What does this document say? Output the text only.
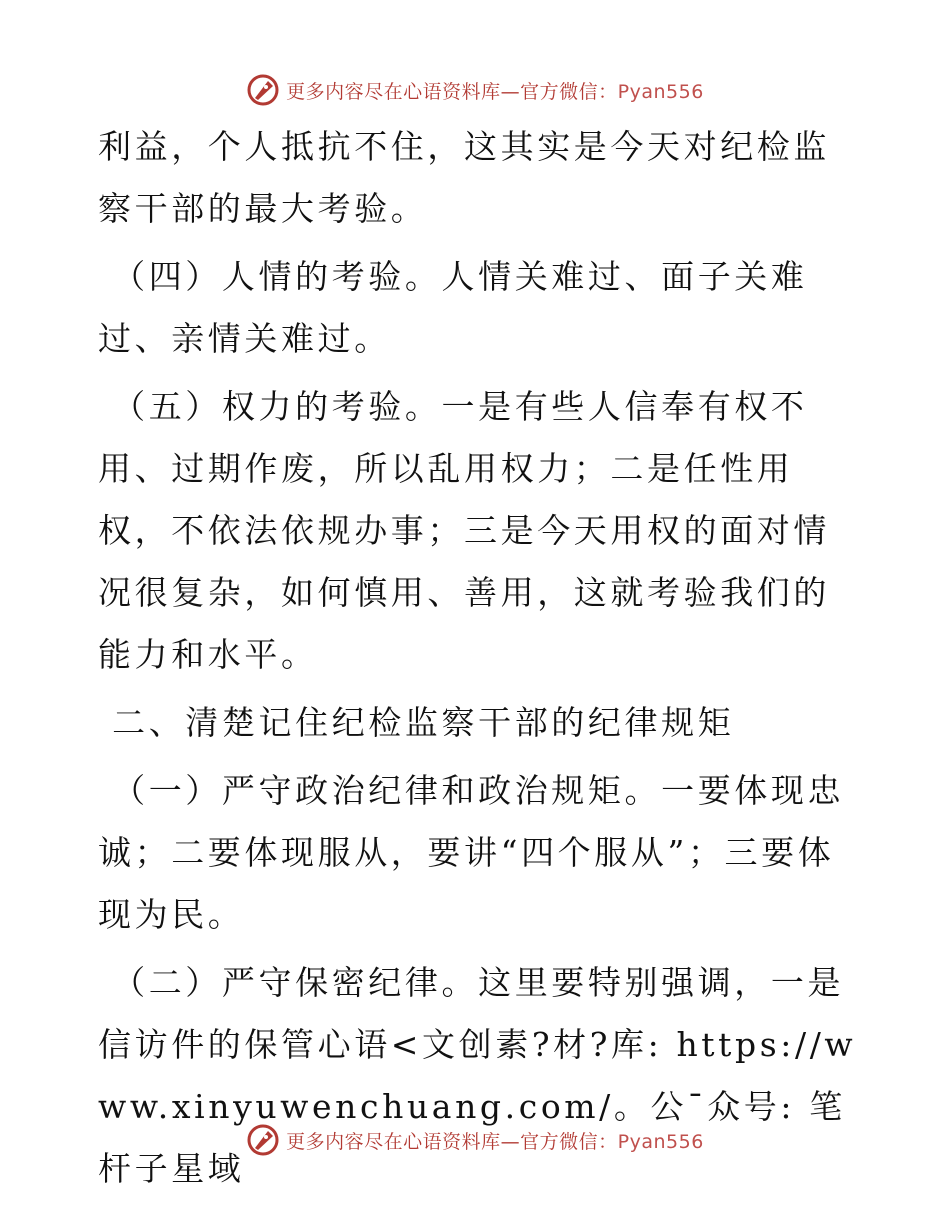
更多内容尽在心语资料库—官方微信：Pyan556

利益，个人抵抗不住，这其实是今天对纪检监察干部的最大考验。

（四）人情的考验。人情关难过、面子关难过、亲情关难过。

（五）权力的考验。一是有些人信奉有权不用、过期作废，所以乱用权力；二是任性用权，不依法依规办事；三是今天用权的面对情况很复杂，如何慎用、善用，这就考验我们的能力和水平。

二、清楚记住纪检监察干部的纪律规矩

（一）严守政治纪律和政治规矩。一要体现忠诚；二要体现服从，要讲“四个服从”；三要体现为民。

（二）严守保密纪律。这里要特别强调，一是信访件的保管心语<文创素?材?库: https://www.xinyuwenchuang.com/。公¯众号: 笔杆子星域

更多内容尽在心语资料库—官方微信：Pyan556
